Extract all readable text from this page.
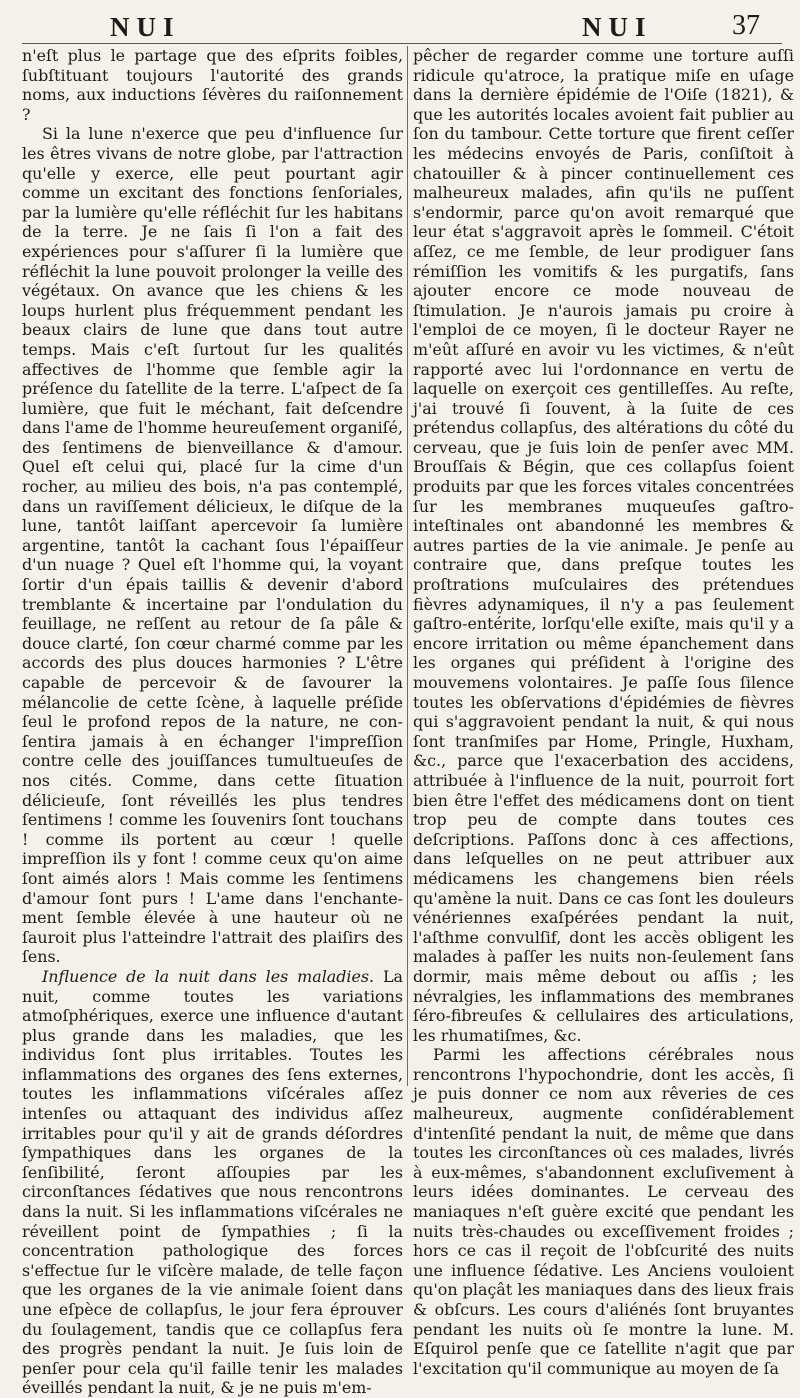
NUI	NUI	37

n'eſt plus le partage que des eſprits foibles, ſubſtituant toujours l'autorité des grands noms, aux inductions ſévères du raiſonnement ?

Si la lune n'exerce que peu d'influence ſur les êtres vivans de notre globe, par l'attraction qu'elle y exerce, elle peut pourtant agir comme un excitant des fonctions ſenſoriales, par la lumière qu'elle réfléchit ſur les habitans de la terre. Je ne ſais ſi l'on a fait des expériences pour s'aſſurer ſi la lumière que réfléchit la lune pouvoit prolonger la veille des végétaux. On avance que les chiens & les loups hurlent plus fréquemment pendant les beaux clairs de lune que dans tout autre temps. Mais c'eſt ſurtout ſur les qualités affectives de l'homme que ſemble agir la préſence du ſatellite de la terre. L'aſpect de ſa lumière, que fuit le méchant, fait deſcendre dans l'ame de l'homme heureuſement organiſé, des ſentimens de bienveillance & d'amour. Quel eſt celui qui, placé ſur la cime d'un rocher, au milieu des bois, n'a pas contemplé, dans un raviſſement délicieux, le diſque de la lune, tantôt laiſſant apercevoir ſa lumière argentine, tantôt la cachant ſous l'épaiſſeur d'un nuage ? Quel eſt l'homme qui, la voyant ſortir d'un épais taillis & devenir d'abord tremblante & incertaine par l'ondulation du feuillage, ne reſſent au retour de ſa pâle & douce clarté, ſon cœur charmé comme par les accords des plus douces harmonies ? L'être capable de percevoir & de ſavourer la mélancolie de cette ſcène, à laquelle préſide ſeul le profond repos de la nature, ne conſentira jamais à en échanger l'impreſſion contre celle des jouiſſances tumultueuſes de nos cités. Comme, dans cette ſituation délicieuſe, ſont réveillés les plus tendres ſentimens ! comme les ſouvenirs ſont touchans ! comme ils portent au cœur ! quelle impreſſion ils y font ! comme ceux qu'on aime ſont aimés alors ! Mais comme les ſentimens d'amour ſont purs ! L'ame dans l'enchantement ſemble élevée à une hauteur où ne ſauroit plus l'atteindre l'attrait des plaiſirs des ſens.

Influence de la nuit dans les maladies. La nuit, comme toutes les variations atmoſphériques, exerce une influence d'autant plus grande dans les maladies, que les individus ſont plus irritables. Toutes les inflammations des organes des ſens externes, toutes les inflammations viſcérales aſſez intenſes ou attaquant des individus aſſez irritables pour qu'il y ait de grands déſordres ſympathiques dans les organes de la ſenſibilité, ſeront aſſoupies par les circonſtances ſédatives que nous rencontrons dans la nuit. Si les inflammations viſcérales ne réveillent point de ſympathies ; ſi la concentration pathologique des forces s'effectue ſur le viſcère malade, de telle façon que les organes de la vie animale ſoient dans une eſpèce de collapſus, le jour fera éprouver du ſoulagement, tandis que ce collapſus fera des progrès pendant la nuit. Je ſuis loin de penſer pour cela qu'il faille tenir les malades éveillés pendant la nuit, & je ne puis m'em-

pêcher de regarder comme une torture auſſi ridicule qu'atroce, la pratique miſe en uſage dans la dernière épidémie de l'Oiſe (1821), & que les autorités locales avoient fait publier au ſon du tambour. Cette torture que firent ceſſer les médecins envoyés de Paris, conſiſtoit à chatouiller & à pincer continuellement ces malheureux malades, afin qu'ils ne puſſent s'endormir, parce qu'on avoit remarqué que leur état s'aggravoit après le ſommeil. C'étoit aſſez, ce me ſemble, de leur prodiguer ſans rémiſſion les vomitifs & les purgatifs, ſans ajouter encore ce mode nouveau de ſtimulation. Je n'aurois jamais pu croire à l'emploi de ce moyen, ſi le docteur Rayer ne m'eût aſſuré en avoir vu les victimes, & n'eût rapporté avec lui l'ordonnance en vertu de laquelle on exerçoit ces gentilleſſes. Au reſte, j'ai trouvé ſi ſouvent, à la ſuite de ces prétendus collapſus, des altérations du côté du cerveau, que je ſuis loin de penſer avec MM. Brouſſais & Bégin, que ces collapſus ſoient produits par que les forces vitales concentrées ſur les membranes muqueuſes gaſtro-inteſtinales ont abandonné les membres & autres parties de la vie animale. Je penſe au contraire que, dans preſque toutes les proſtrations muſculaires des prétendues fièvres adynamiques, il n'y a pas ſeulement gaſtro-entérite, lorſqu'elle exiſte, mais qu'il y a encore irritation ou même épanchement dans les organes qui préſident à l'origine des mouvemens volontaires. Je paſſe ſous ſilence toutes les obſervations d'épidémies de fièvres qui s'aggravoient pendant la nuit, & qui nous ſont tranſmiſes par Home, Pringle, Huxham, &c., parce que l'exacerbation des accidens, attribuée à l'influence de la nuit, pourroit fort bien être l'effet des médicamens dont on tient trop peu de compte dans toutes ces deſcriptions. Paſſons donc à ces affections, dans leſquelles on ne peut attribuer aux médicamens les changemens bien réels qu'amène la nuit. Dans ce cas ſont les douleurs vénériennes exaſpérées pendant la nuit, l'aſthme convulſif, dont les accès obligent les malades à paſſer les nuits non-ſeulement ſans dormir, mais même debout ou aſſis ; les névralgies, les inflammations des membranes ſéro-fibreuſes & cellulaires des articulations, les rhumatiſmes, &c.

Parmi les affections cérébrales nous rencontrons l'hypochondrie, dont les accès, ſi je puis donner ce nom aux rêveries de ces malheureux, augmente conſidérablement d'intenſité pendant la nuit, de même que dans toutes les circonſtances où ces malades, livrés à eux-mêmes, s'abandonnent excluſivement à leurs idées dominantes. Le cerveau des maniaques n'eſt guère excité que pendant les nuits très-chaudes ou exceſſivement froides ; hors ce cas il reçoit de l'obſcurité des nuits une influence ſédative. Les Anciens vouloient qu'on plaçât les maniaques dans des lieux frais & obſcurs. Les cours d'aliénés ſont bruyantes pendant les nuits où ſe montre la lune. M. Eſquirol penſe que ce ſatellite n'agit que par l'excitation qu'il communique au moyen de ſa
